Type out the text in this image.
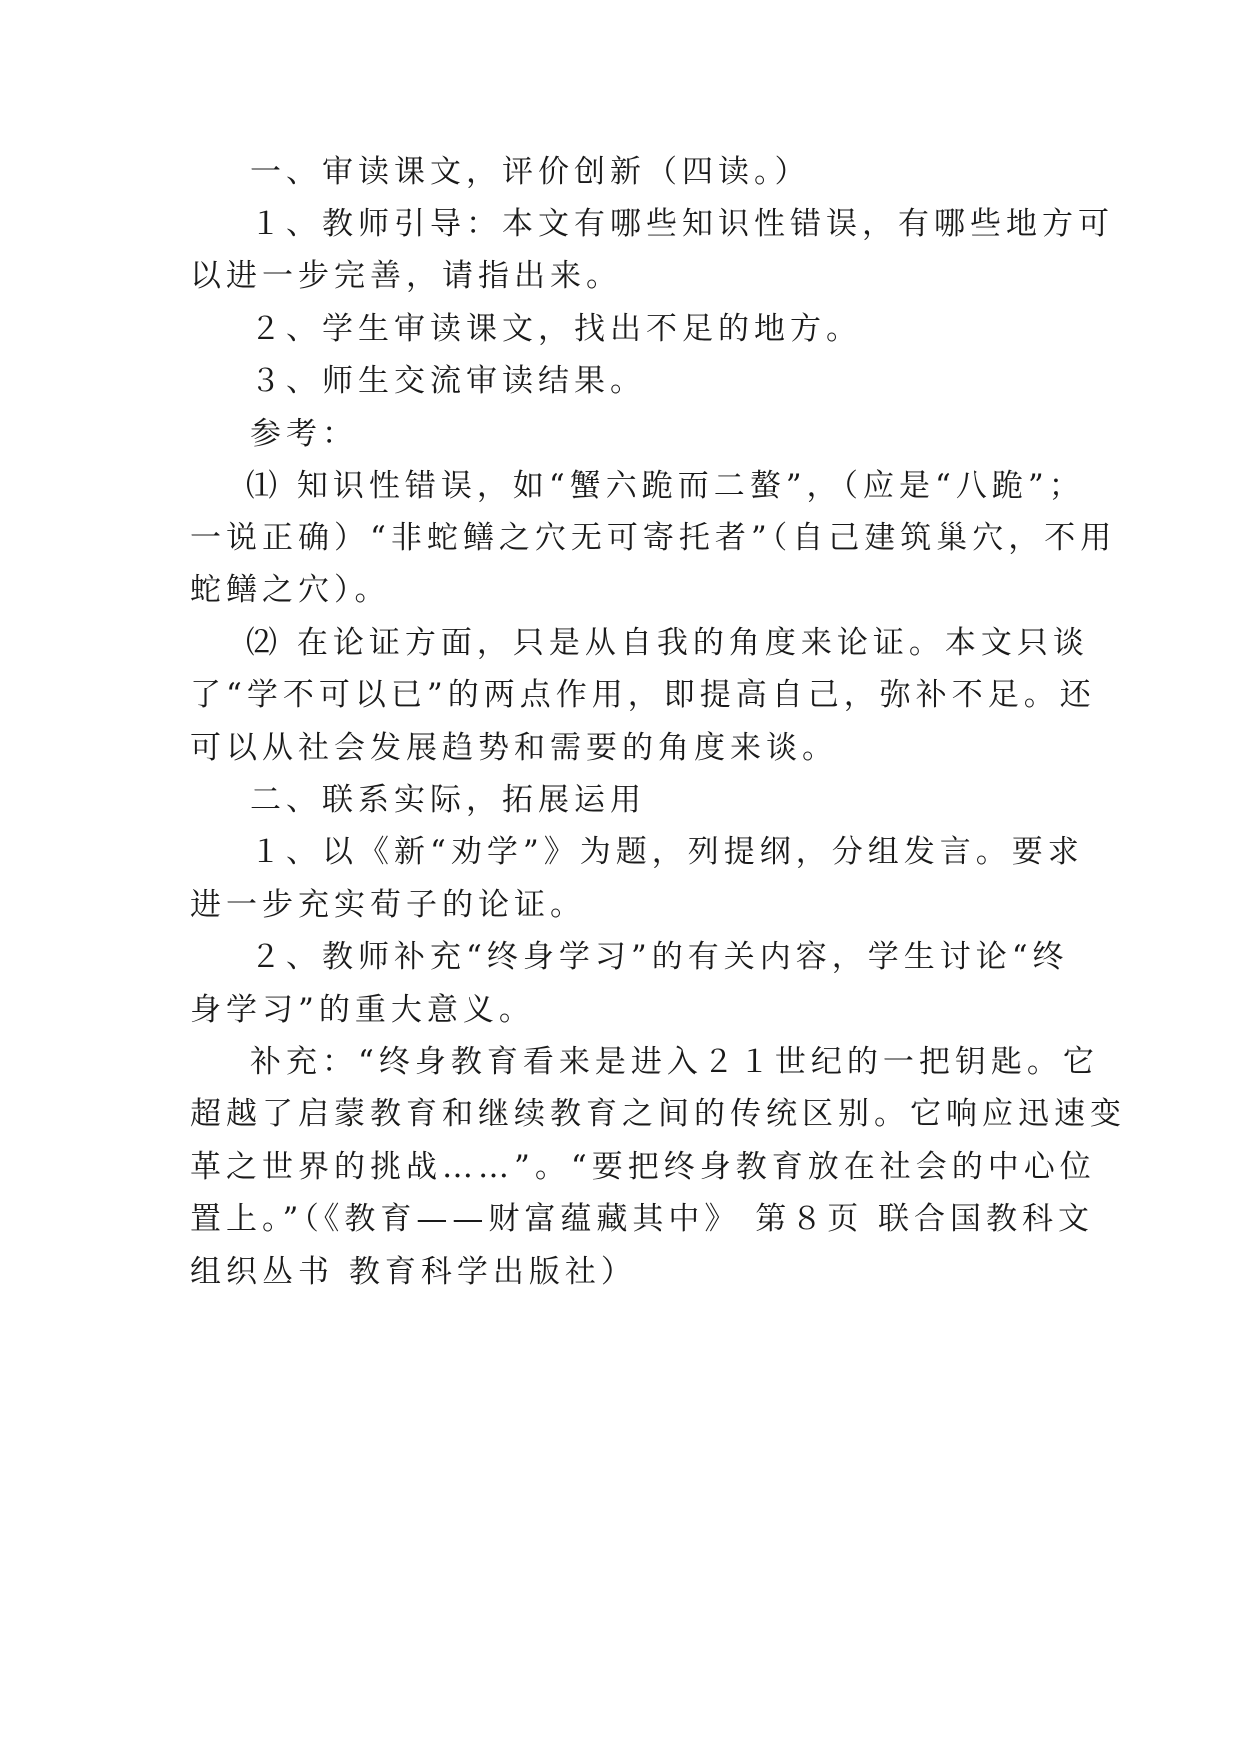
一、审读课文，评价创新（四读。）
１、教师引导：本文有哪些知识性错误，有哪些地方可
以进一步完善，请指出来。
２、学生审读课文，找出不足的地方。
３、师生交流审读结果。
参考：
⑴ 知识性错误，如“蟹六跪而二螯”，（应是“八跪”；
一说正确）“非蛇鳝之穴无可寄托者”（自己建筑巢穴，不用
蛇鳝之穴）。
⑵ 在论证方面，只是从自我的角度来论证。本文只谈
了“学不可以已”的两点作用，即提高自己，弥补不足。还
可以从社会发展趋势和需要的角度来谈。
二、联系实际，拓展运用
１、以《新“劝学”》为题，列提纲，分组发言。要求
进一步充实荀子的论证。
２、教师补充“终身学习”的有关内容，学生讨论“终
身学习”的重大意义。
补充：“终身教育看来是进入２１世纪的一把钥匙。它
超越了启蒙教育和继续教育之间的传统区别。它响应迅速变
革之世界的挑战……”。“要把终身教育放在社会的中心位
置上。”（《教育——财富蕴藏其中》 第８页 联合国教科文
组织丛书 教育科学出版社）
